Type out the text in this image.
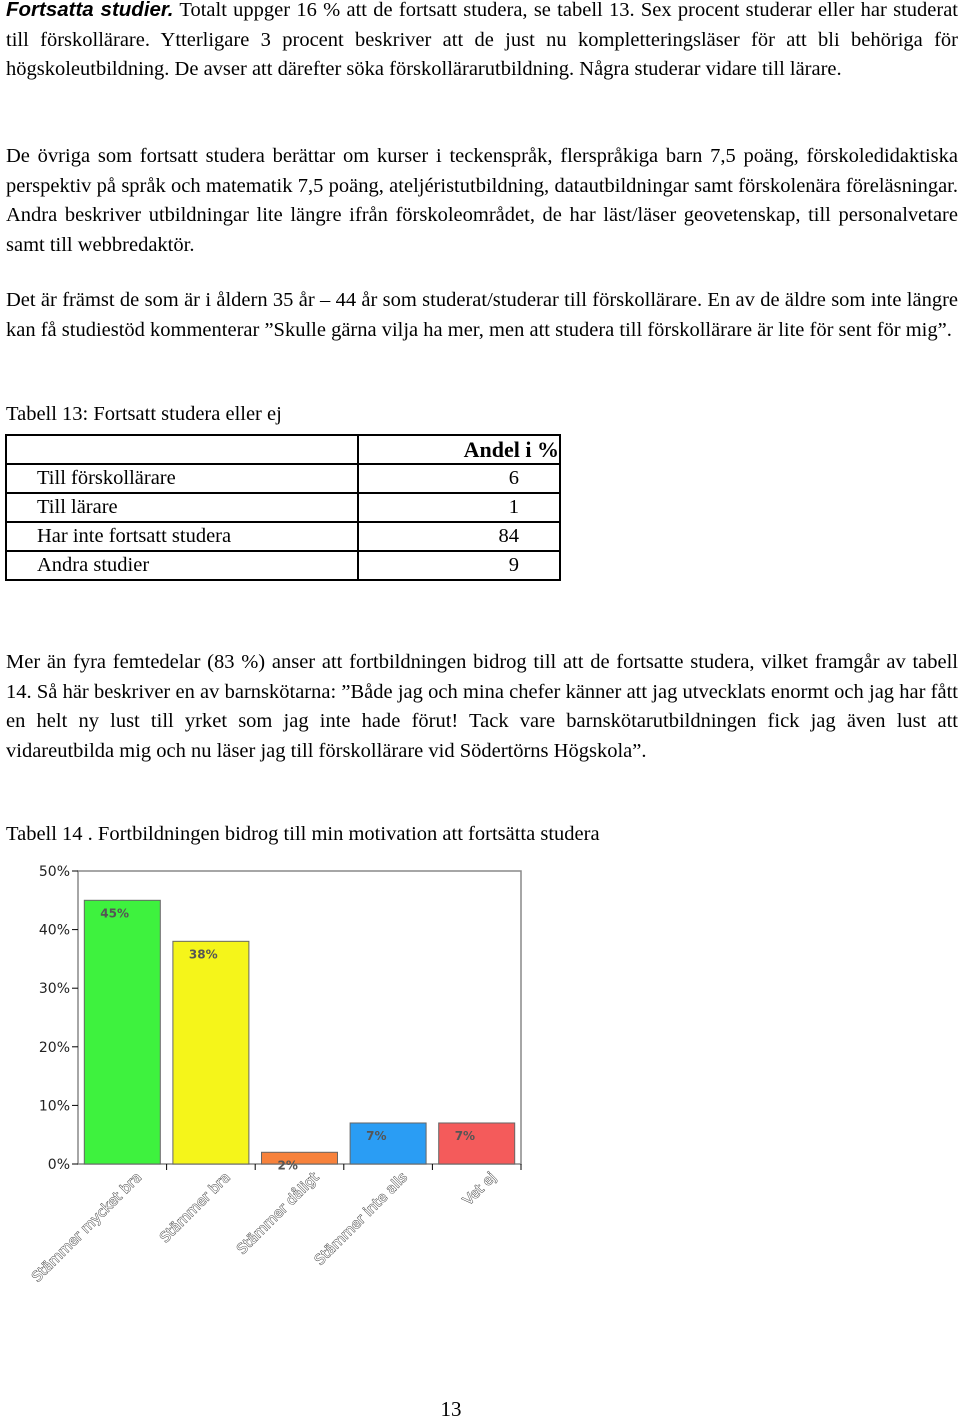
Fortsatta studier. Totalt uppger 16 % att de fortsatt studera, se tabell 13. Sex procent studerar eller har studerat till förskollärare. Ytterligare 3 procent beskriver att de just nu kompletteringsläser för att bli behöriga för högskoleutbildning. De avser att därefter söka förskollärarutbildning. Några studerar vidare till lärare.

De övriga som fortsatt studera berättar om kurser i teckenspråk, flerspråkiga barn 7,5 poäng, förskoledidaktiska perspektiv på språk och matematik 7,5 poäng, ateljéristutbildning, datautbildningar samt förskolenära föreläsningar. Andra beskriver utbildningar lite längre ifrån förskoleområdet, de har läst/läser geovetenskap, till personalvetare samt till webbredaktör.

Det är främst de som är i åldern 35 år – 44 år som studerat/studerar till förskollärare. En av de äldre som inte längre kan få studiestöd kommenterar ”Skulle gärna vilja ha mer, men att studera till förskollärare är lite för sent för mig”.

Tabell 13: Fortsatt studera eller ej

	Andel i %
Till förskollärare	6
Till lärare	1
Har inte fortsatt studera	84
Andra studier	9

Mer än fyra femtedelar (83 %) anser att fortbildningen bidrog till att de fortsatte studera, vilket framgår av tabell 14. Så här beskriver en av barnskötarna: ”Både jag och mina chefer känner att jag utvecklats enormt och jag har fått en helt ny lust till yrket som jag inte hade förut! Tack vare barnskötarutbildningen fick jag även lust att vidareutbilda mig och nu läser jag till förskollärare vid Södertörns Högskola”.

Tabell 14 . Fortbildningen bidrog till min motivation att fortsätta studera

0%
10%
20%
30%
40%
50%
45%
38%
2%
7%	7%
Stämmer mycket bra Stämmer bra Stämmer dåligt
Stämmer inte alls	Vet ej
13
